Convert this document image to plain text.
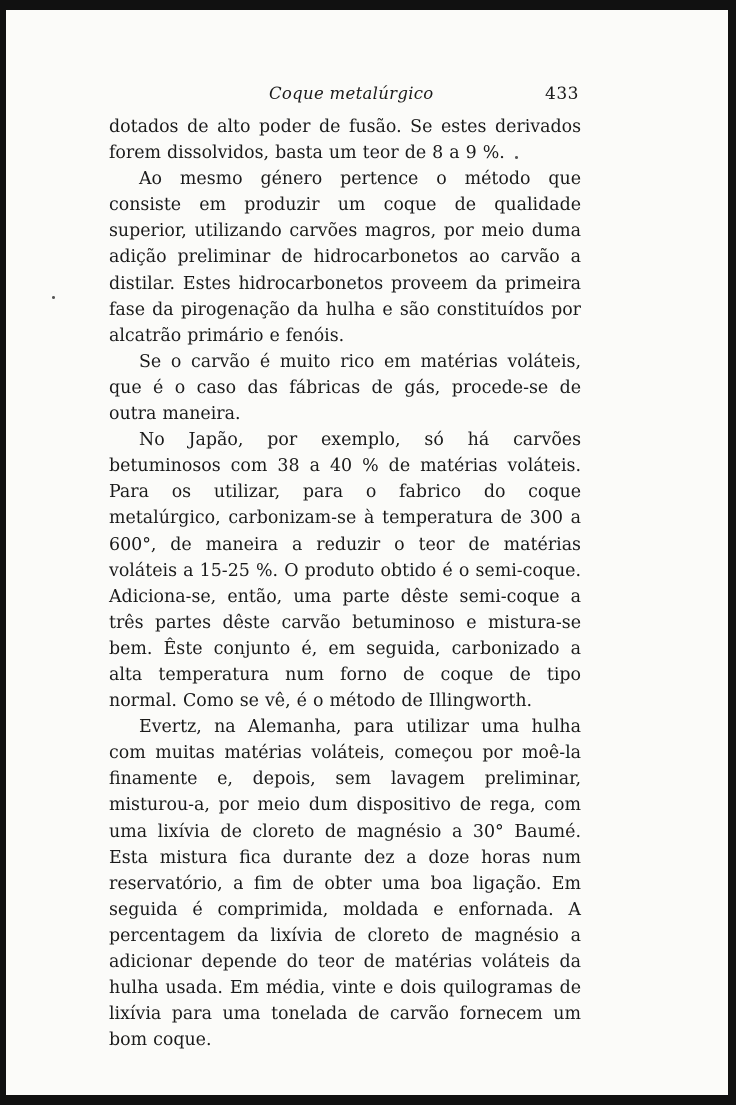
Coque metalúrgico	433

dotados de alto poder de fusão. Se estes derivados forem dissolvidos, basta um teor de 8 a 9 %.

Ao mesmo género pertence o método que consiste em produzir um coque de qualidade superior, utilizando carvões magros, por meio duma adição preliminar de hidrocarbonetos ao carvão a distilar. Estes hidrocarbonetos proveem da primeira fase da pirogenação da hulha e são constituídos por alcatrão primário e fenóis.

Se o carvão é muito rico em matérias voláteis, que é o caso das fábricas de gás, procede-se de outra maneira.

No Japão, por exemplo, só há carvões betuminosos com 38 a 40 % de matérias voláteis. Para os utilizar, para o fabrico do coque metalúrgico, carbonizam-se à temperatura de 300 a 600°, de maneira a reduzir o teor de matérias voláteis a 15-25 %. O produto obtido é o semi-coque. Adiciona-se, então, uma parte dêste semi-coque a três partes dêste carvão betuminoso e mistura-se bem. Êste conjunto é, em seguida, carbonizado a alta temperatura num forno de coque de tipo normal. Como se vê, é o método de Illingworth.

Evertz, na Alemanha, para utilizar uma hulha com muitas matérias voláteis, começou por moê-la finamente e, depois, sem lavagem preliminar, misturou-a, por meio dum dispositivo de rega, com uma lixívia de cloreto de magnésio a 30° Baumé. Esta mistura fica durante dez a doze horas num reservatório, a fim de obter uma boa ligação. Em seguida é comprimida, moldada e enfornada. A percentagem da lixívia de cloreto de magnésio a adicionar depende do teor de matérias voláteis da hulha usada. Em média, vinte e dois quilogramas de lixívia para uma tonelada de carvão fornecem um bom coque.
